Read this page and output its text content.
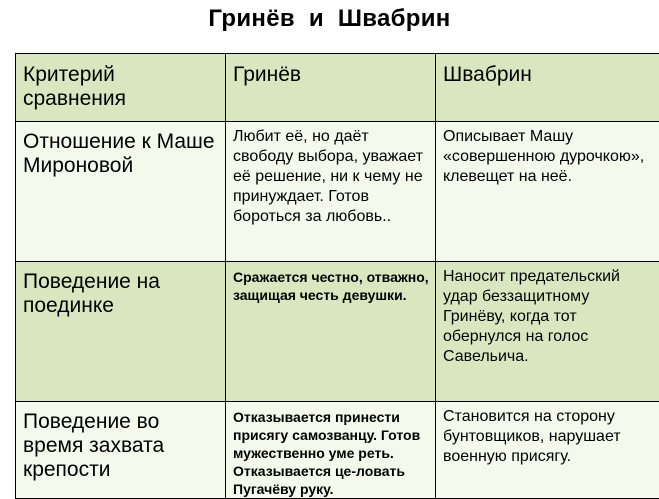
Гринёв  и  Швабрин
Критерий сравнения	Гринёв	Швабрин

Отношение к Маше Мироновой	Любит её, но даёт свободу выбора, уважает её решение, ни к чему не принуждает. Готов бороться за любовь..	Описывает Машу «совершенною дурочкою», клевещет на неё.

Поведение на поединке	Сражается честно, отважно, защищая честь девушки.	Наносит предательский удар беззащитному Гринёву, когда тот обернулся на голос Савельича.

Поведение во время захвата крепости	Отказывается принести присягу самозванцу. Готов мужественно уме реть. Отказывается це-ловать Пугачёву руку.	Становится на сторону бунтовщиков, нарушает военную присягу.
